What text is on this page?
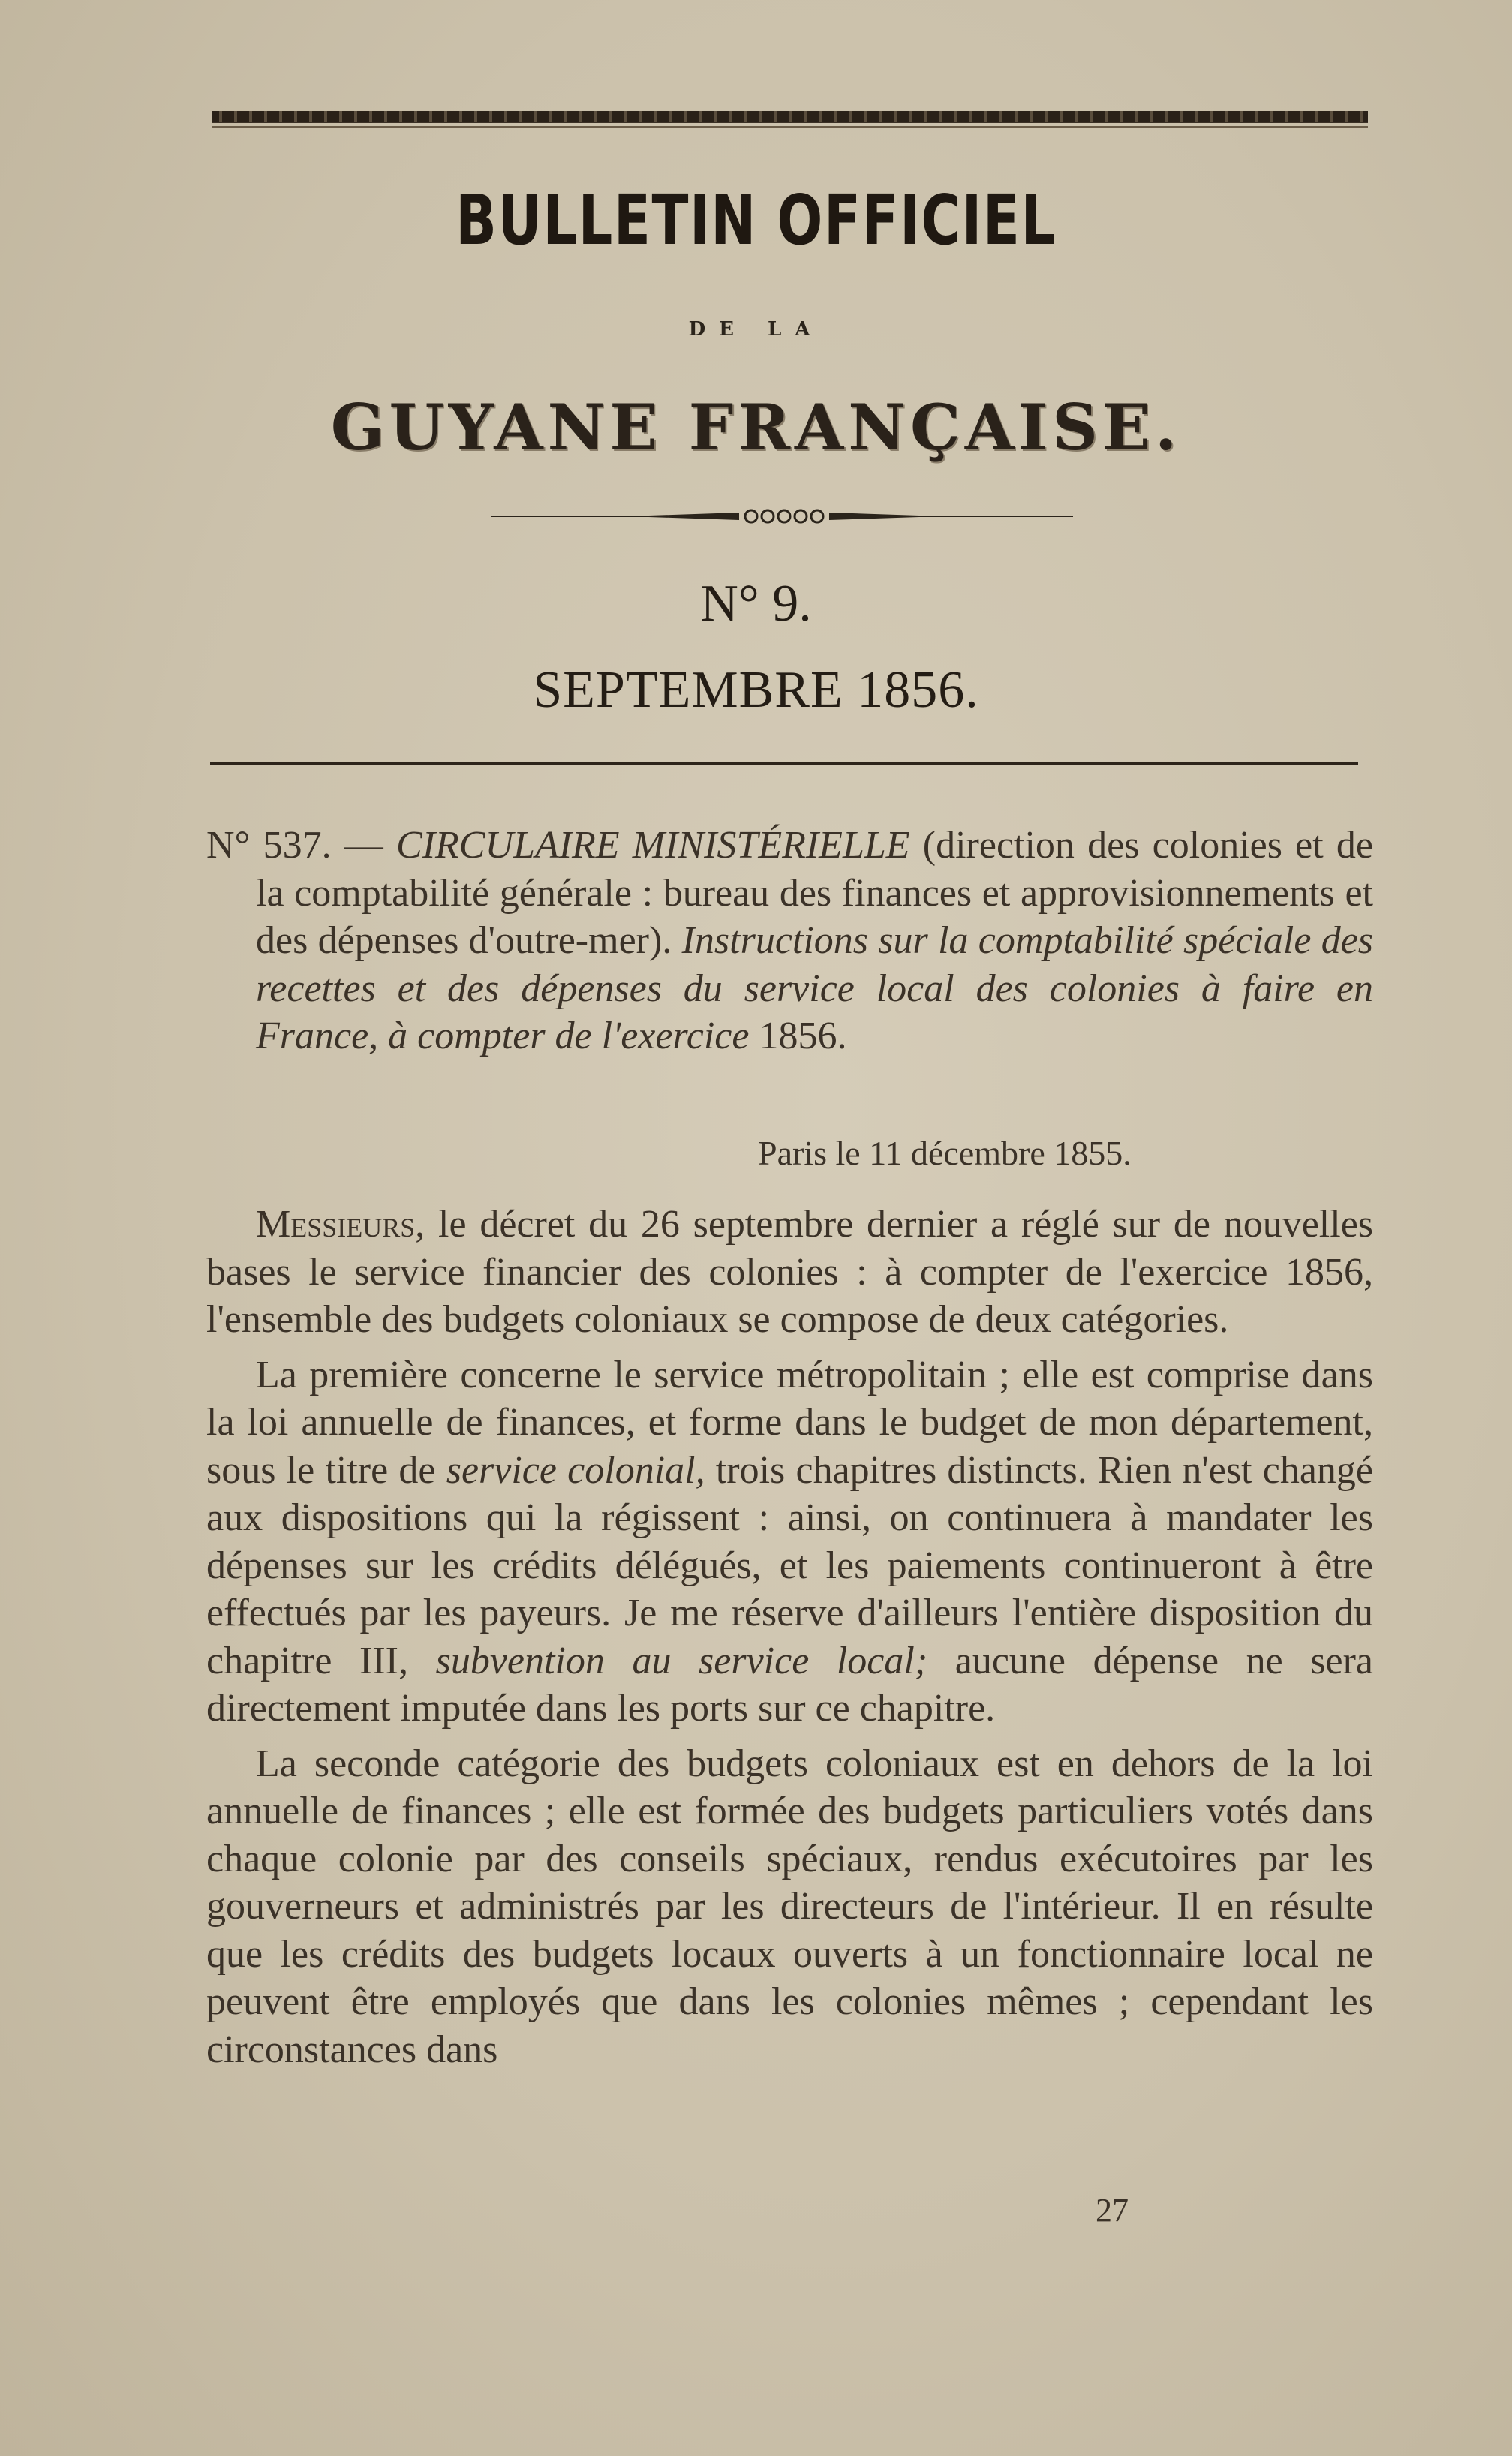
BULLETIN OFFICIEL
DE LA
GUYANE FRANÇAISE.
N° 9.
SEPTEMBRE 1856.

N° 537. — CIRCULAIRE MINISTÉRIELLE (direction des colonies et de la comptabilité générale : bureau des finances et approvisionnements et des dépenses d'outre-mer). Instructions sur la comptabilité spéciale des recettes et des dépenses du service local des colonies à faire en France, à compter de l'exercice 1856.

Paris le 11 décembre 1855.

Messieurs, le décret du 26 septembre dernier a réglé sur de nouvelles bases le service financier des colonies : à compter de l'exercice 1856, l'ensemble des budgets coloniaux se compose de deux catégories.

La première concerne le service métropolitain ; elle est comprise dans la loi annuelle de finances, et forme dans le budget de mon département, sous le titre de service colonial, trois chapitres distincts. Rien n'est changé aux dispositions qui la régissent : ainsi, on continuera à mandater les dépenses sur les crédits délégués, et les paiements continueront à être effectués par les payeurs. Je me réserve d'ailleurs l'entière disposition du chapitre III, subvention au service local; aucune dépense ne sera directement imputée dans les ports sur ce chapitre.

La seconde catégorie des budgets coloniaux est en dehors de la loi annuelle de finances ; elle est formée des budgets particuliers votés dans chaque colonie par des conseils spéciaux, rendus exécutoires par les gouverneurs et administrés par les directeurs de l'intérieur. Il en résulte que les crédits des budgets locaux ouverts à un fonctionnaire local ne peuvent être employés que dans les colonies mêmes ; cependant les circonstances dans

27
